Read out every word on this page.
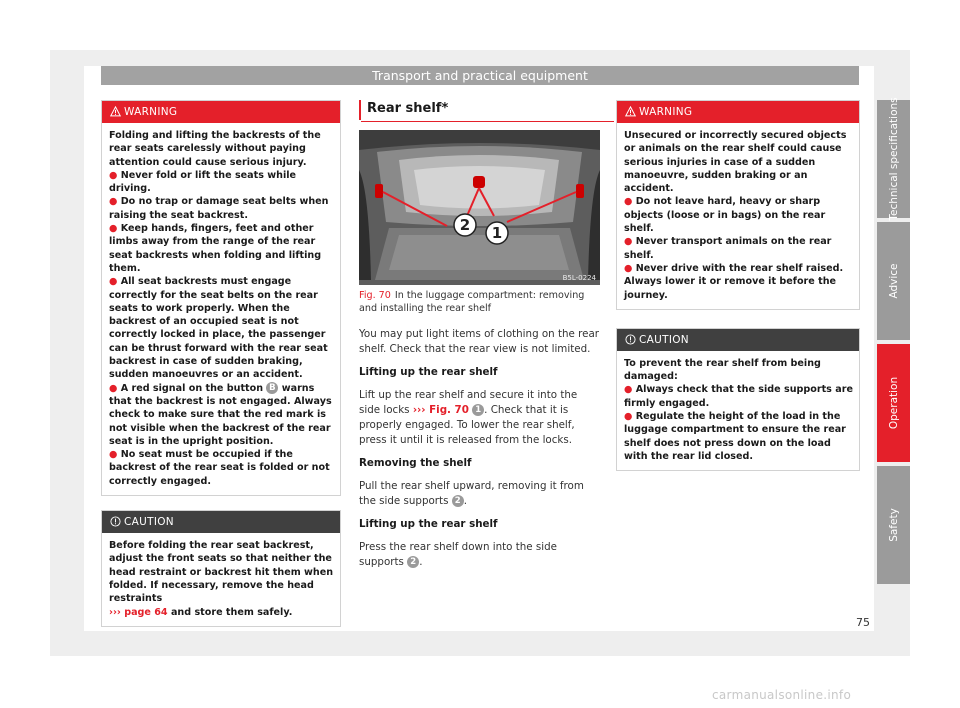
Transport and practical equipment
WARNING

Folding and lifting the backrests of the rear seats carelessly without paying attention could cause serious injury.

● Never fold or lift the seats while driving.

● Do no trap or damage seat belts when raising the seat backrest.

● Keep hands, fingers, feet and other limbs away from the range of the rear seat backrests when folding and lifting them.

● All seat backrests must engage correctly for the seat belts on the rear seats to work properly. When the backrest of an occupied seat is not correctly locked in place, the passenger can be thrust forward with the rear seat backrest in case of sudden braking, sudden manoeuvres or an accident.

● A red signal on the button B warns that the backrest is not engaged. Always check to make sure that the red mark is not visible when the backrest of the rear seat is in the upright position.

● No seat must be occupied if the backrest of the rear seat is folded or not correctly engaged.

CAUTION

Before folding the rear seat backrest, adjust the front seats so that neither the head restraint or backrest hit them when folded. If necessary, remove the head restraints
››› page 64 and store them safely.

Rear shelf*
2	1
B5L-0224
Fig. 70 In the luggage compartment: removing and installing the rear shelf

You may put light items of clothing on the rear shelf. Check that the rear view is not limited.

Lifting up the rear shelf

Lift up the rear shelf and secure it into the side locks ››› Fig. 70 1 . Check that it is properly engaged. To lower the rear shelf, press it until it is released from the locks.

Removing the shelf

Pull the rear shelf upward, removing it from the side supports 2 .

Lifting up the rear shelf

Press the rear shelf down into the side supports 2 .

WARNING

Unsecured or incorrectly secured objects or animals on the rear shelf could cause serious injuries in case of a sudden manoeuvre, sudden braking or an accident.

● Do not leave hard, heavy or sharp objects (loose or in bags) on the rear shelf.

● Never transport animals on the rear shelf.

● Never drive with the rear shelf raised. Always lower it or remove it before the journey.

CAUTION

To prevent the rear shelf from being damaged:

● Always check that the side supports are firmly engaged.

● Regulate the height of the load in the luggage compartment to ensure the rear shelf does not press down on the load with the rear lid closed.

Technical specifications
Advice
Operation
Safety
75
carmanualsonline.info
